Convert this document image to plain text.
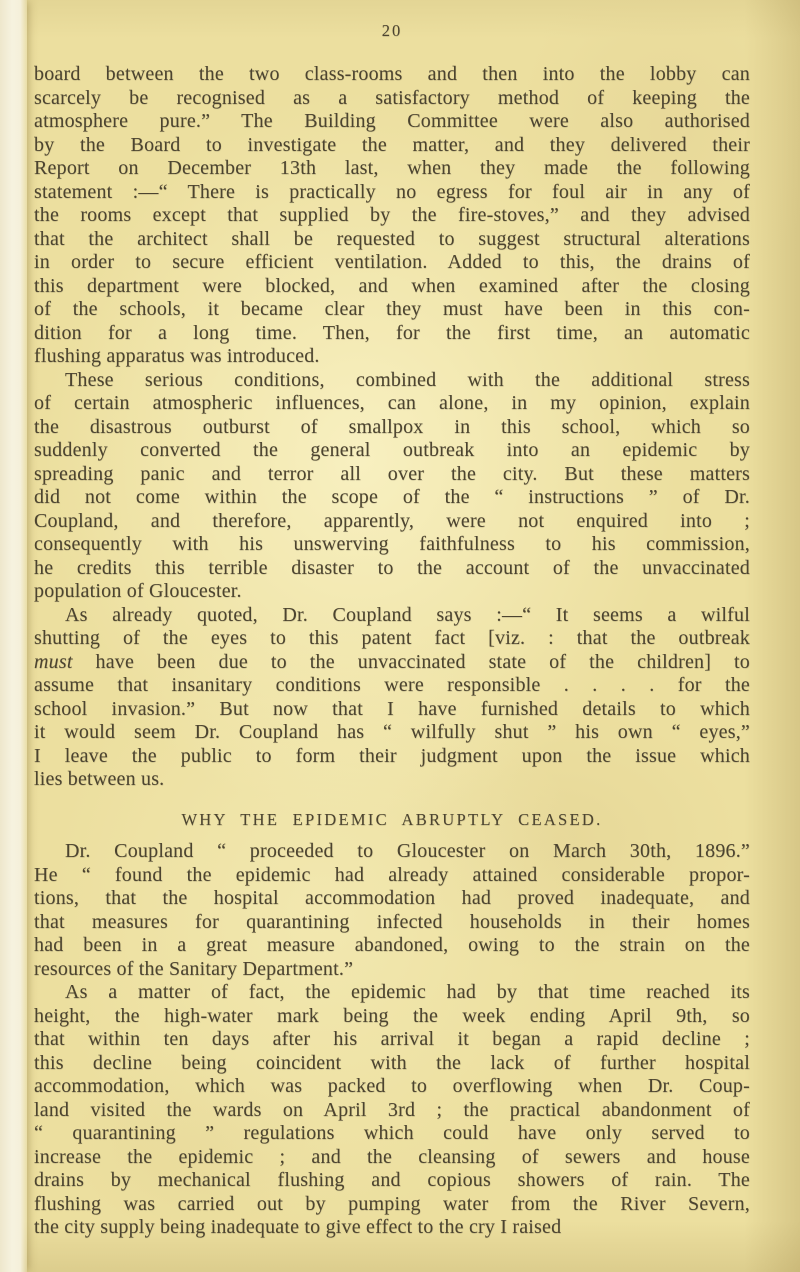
20
board between the two class-rooms and then into the lobby can
scarcely be recognised as a satisfactory method of keeping the
atmosphere pure.” The Building Committee were also authorised
by the Board to investigate the matter, and they delivered their
Report on December 13th last, when they made the following
statement :—“ There is practically no egress for foul air in any of
the rooms except that supplied by the fire-stoves,” and they advised
that the architect shall be requested to suggest structural alterations
in order to secure efficient ventilation. Added to this, the drains of
this department were blocked, and when examined after the closing
of the schools, it became clear they must have been in this con-
dition for a long time. Then, for the first time, an automatic
flushing apparatus was introduced.
These serious conditions, combined with the additional stress
of certain atmospheric influences, can alone, in my opinion, explain
the disastrous outburst of smallpox in this school, which so
suddenly converted the general outbreak into an epidemic by
spreading panic and terror all over the city. But these matters
did not come within the scope of the “ instructions ” of Dr.
Coupland, and therefore, apparently, were not enquired into ;
consequently with his unswerving faithfulness to his commission,
he credits this terrible disaster to the account of the unvaccinated
population of Gloucester.
As already quoted, Dr. Coupland says :—“ It seems a wilful
shutting of the eyes to this patent fact [viz. : that the outbreak
must have been due to the unvaccinated state of the children] to
assume that insanitary conditions were responsible . . . . for the
school invasion.” But now that I have furnished details to which
it would seem Dr. Coupland has “ wilfully shut ” his own “ eyes,”
I leave the public to form their judgment upon the issue which
lies between us.
WHY THE EPIDEMIC ABRUPTLY CEASED.
Dr. Coupland “ proceeded to Gloucester on March 30th, 1896.”
He “ found the epidemic had already attained considerable propor-
tions, that the hospital accommodation had proved inadequate, and
that measures for quarantining infected households in their homes
had been in a great measure abandoned, owing to the strain on the
resources of the Sanitary Department.”
As a matter of fact, the epidemic had by that time reached its
height, the high-water mark being the week ending April 9th, so
that within ten days after his arrival it began a rapid decline ;
this decline being coincident with the lack of further hospital
accommodation, which was packed to overflowing when Dr. Coup-
land visited the wards on April 3rd ; the practical abandonment of
“ quarantining ” regulations which could have only served to
increase the epidemic ; and the cleansing of sewers and house
drains by mechanical flushing and copious showers of rain. The
flushing was carried out by pumping water from the River Severn,
the city supply being inadequate to give effect to the cry I raised
